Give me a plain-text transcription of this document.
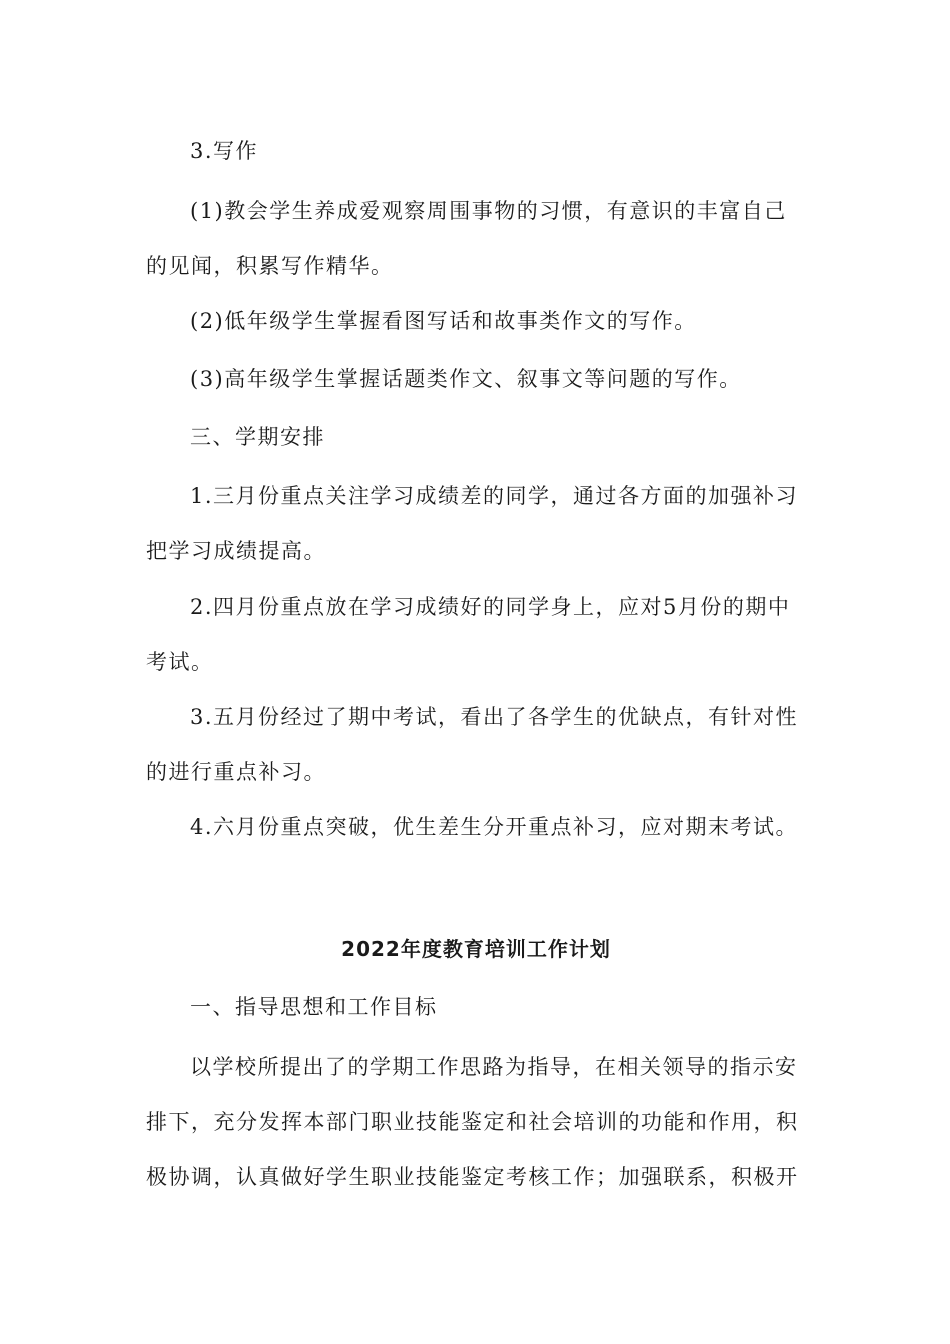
3.写作

(1)教会学生养成爱观察周围事物的习惯，有意识的丰富自己的见闻，积累写作精华。

(2)低年级学生掌握看图写话和故事类作文的写作。

(3)高年级学生掌握话题类作文、叙事文等问题的写作。

三、学期安排

1.三月份重点关注学习成绩差的同学，通过各方面的加强补习把学习成绩提高。

2.四月份重点放在学习成绩好的同学身上，应对5月份的期中考试。

3.五月份经过了期中考试，看出了各学生的优缺点，有针对性的进行重点补习。

4.六月份重点突破，优生差生分开重点补习，应对期末考试。

2022年度教育培训工作计划

一、指导思想和工作目标

以学校所提出了的学期工作思路为指导，在相关领导的指示安排下，充分发挥本部门职业技能鉴定和社会培训的功能和作用，积极协调，认真做好学生职业技能鉴定考核工作；加强联系，积极开
